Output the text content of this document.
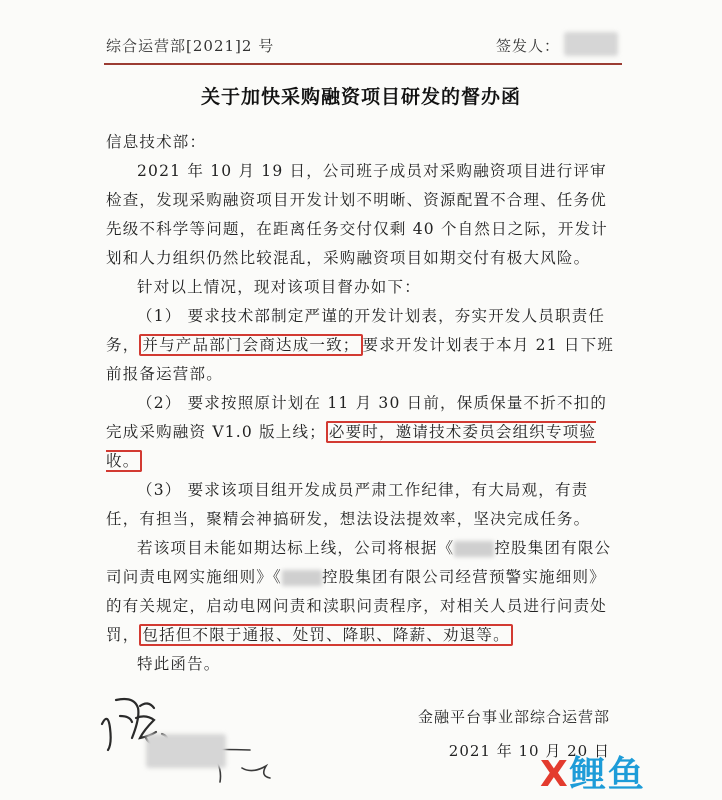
综合运营部[2021]2 号	签发人：
关于加快采购融资项目研发的督办函

信息技术部：

2021 年 10 月 19 日，公司班子成员对采购融资项目进行评审检查，发现采购融资项目开发计划不明晰、资源配置不合理、任务优先级不科学等问题，在距离任务交付仅剩 40 个自然日之际，开发计划和人力组织仍然比较混乱，采购融资项目如期交付有极大风险。

针对以上情况，现对该项目督办如下：

（1） 要求技术部制定严谨的开发计划表，夯实开发人员职责任务， 并与产品部门会商达成一致； 要求开发计划表于本月 21 日下班前报备运营部。

（2） 要求按照原计划在 11 月 30 日前，保质保量不折不扣的完成采购融资 V1.0 版上线； 必要时，邀请技术委员会组织专项验收。

（3） 要求该项目组开发成员严肃工作纪律，有大局观，有责任，有担当，聚精会神搞研发，想法设法提效率，坚决完成任务。

若该项目未能如期达标上线，公司将根据《	控股集团有限公司问责电网实施细则》《	控股集团有限公司经营预警实施细则》的有关规定，启动电网问责和渎职问责程序，对相关人员进行问责处罚， 包括但不限于通报、处罚、降职、降薪、劝退等。

特此函告。

金融平台事业部综合运营部
2021 年 10 月 20 日
X鲤鱼
